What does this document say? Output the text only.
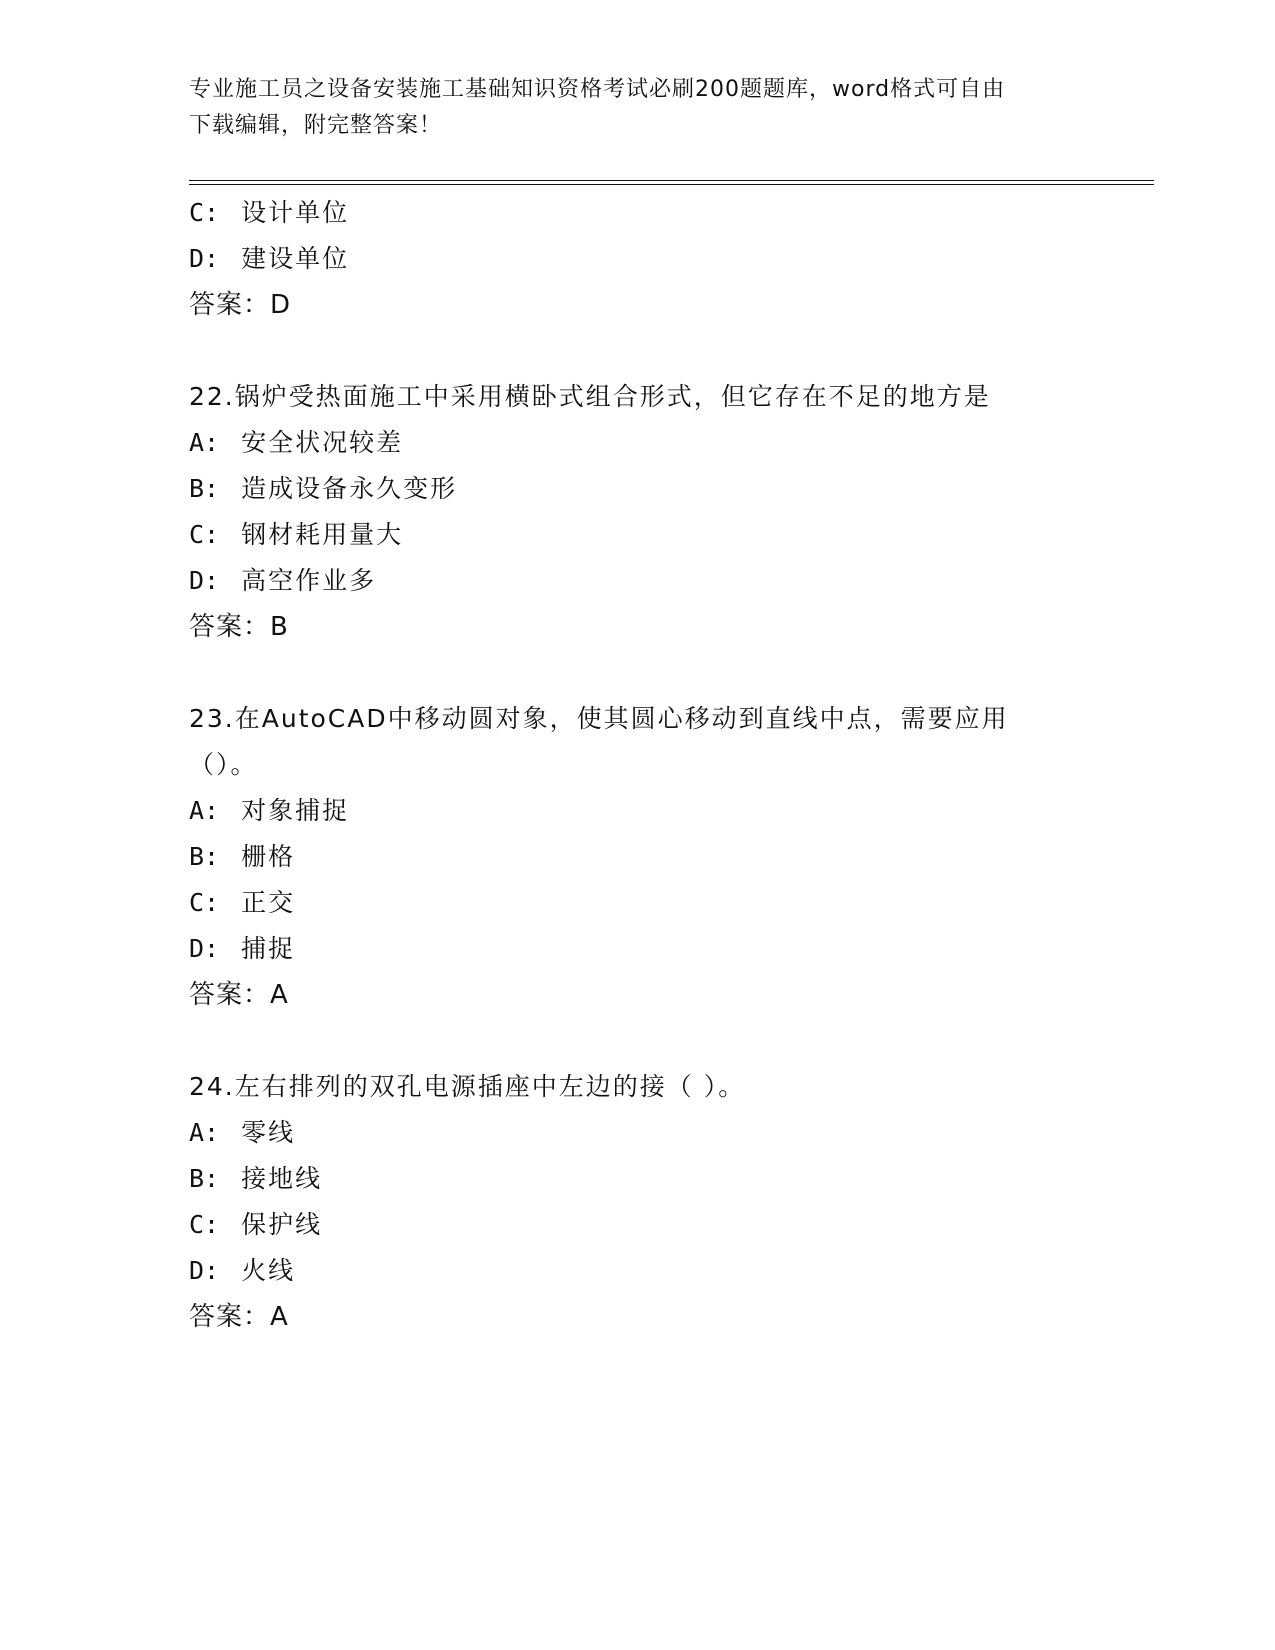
专业施工员之设备安装施工基础知识资格考试必刷200题题库，word格式可自由
下载编辑，附完整答案！
C: 设计单位
D: 建设单位
答案：D
22.锅炉受热面施工中采用横卧式组合形式，但它存在不足的地方是
A: 安全状况较差
B: 造成设备永久变形
C: 钢材耗用量大
D: 高空作业多
答案：B
23.在AutoCAD中移动圆对象，使其圆心移动到直线中点，需要应用（）。
A: 对象捕捉
B: 栅格
C: 正交
D: 捕捉
答案：A
24.左右排列的双孔电源插座中左边的接（ ）。
A: 零线
B: 接地线
C: 保护线
D: 火线
答案：A
